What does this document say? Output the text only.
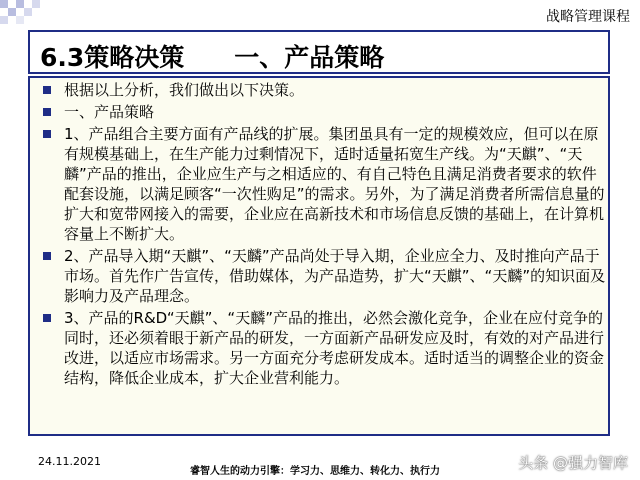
战略管理课程
6.3策略决策　　一、产品策略
根据以上分析，我们做出以下决策。
一、产品策略
1、产品组合主要方面有产品线的扩展。集团虽具有一定的规模效应，但可以在原有规模基础上，在生产能力过剩情况下，适时适量拓宽生产线。为“天麒”、“天麟”产品的推出，企业应生产与之相适应的、有自己特色且满足消费者要求的软件配套设施，以满足顾客“一次性购足”的需求。另外，为了满足消费者所需信息量的扩大和宽带网接入的需要，企业应在高新技术和市场信息反馈的基础上，在计算机容量上不断扩大。
2、产品导入期“天麒”、“天麟”产品尚处于导入期，企业应全力、及时推向产品于市场。首先作广告宣传，借助媒体，为产品造势，扩大“天麒”、“天麟”的知识面及影响力及产品理念。
3、产品的R&D“天麒”、“天麟”产品的推出，必然会激化竞争，企业在应付竞争的同时，还必须着眼于新产品的研发，一方面新产品研发应及时，有效的对产品进行改进，以适应市场需求。另一方面充分考虑研发成本。适时适当的调整企业的资金结构，降低企业成本，扩大企业营利能力。
24.11.2021
睿智人生的动力引擎：学习力、思维力、转化力、执行力	头条 @强力智库
